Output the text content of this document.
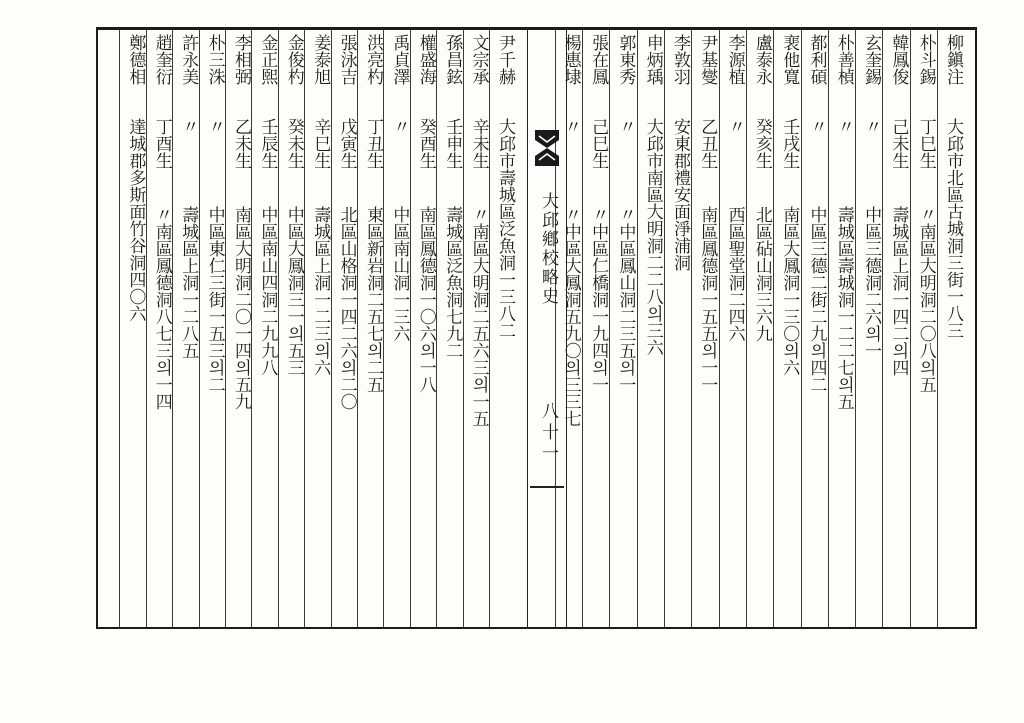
柳鎭注
大邱市北區古城洞三街一八三
朴斗錫
丁巳生
〃南區大明洞二〇八의五
韓鳳俊
己未生
壽城區上洞一四二의四
玄奎錫
〃
中區三德洞二六의一
朴善楨
〃
壽城區壽城洞一二二七의五
都利碩
〃
中區三德二街二九의四二
裵他寬
壬戌生
南區大鳳洞一三〇의六
盧泰永
癸亥生
北區砧山洞三六九
李源植
〃
西區聖堂洞二四六
尹基燮
乙丑生
南區鳳德洞一五五의一一
李敦羽
安東郡禮安面淨浦洞
申炳瑀
大邱市南區大明洞二二八의三六
郭東秀
〃
〃中區鳳山洞二三五의一
張在鳳
己巳生
〃中區仁橋洞一九四의一
楊惠埭
〃
〃中區大鳳洞五九〇의三三七
尹千赫
大邱市壽城區泛魚洞一三八二
文宗承
辛未生
〃南區大明洞二五六三의一五
孫昌鉉
壬申生
壽城區泛魚洞七九二
權盛海
癸酉生
南區鳳德洞一〇六의一八
禹貞澤
〃
中區南山洞一三六
洪亮杓
丁丑生
東區新岩洞二五七의二五
張泳吉
戊寅生
北區山格洞一四二六의二〇
姜泰旭
辛巳生
壽城區上洞一二三의六
金俊杓
癸未生
中區大鳳洞三一의五三
金正煕
壬辰生
中區南山四洞二九九八
李相弼
乙未生
南區大明洞二〇一四의五九
朴三洙
〃
中區東仁三街一五三의二
許永美
〃
壽城區上洞一二八五
趙奎衍
丁酉生
〃南區鳳德洞八七三의一四
鄭德相
達城郡多斯面竹谷洞四〇六	大邱鄕校略史
八十一
